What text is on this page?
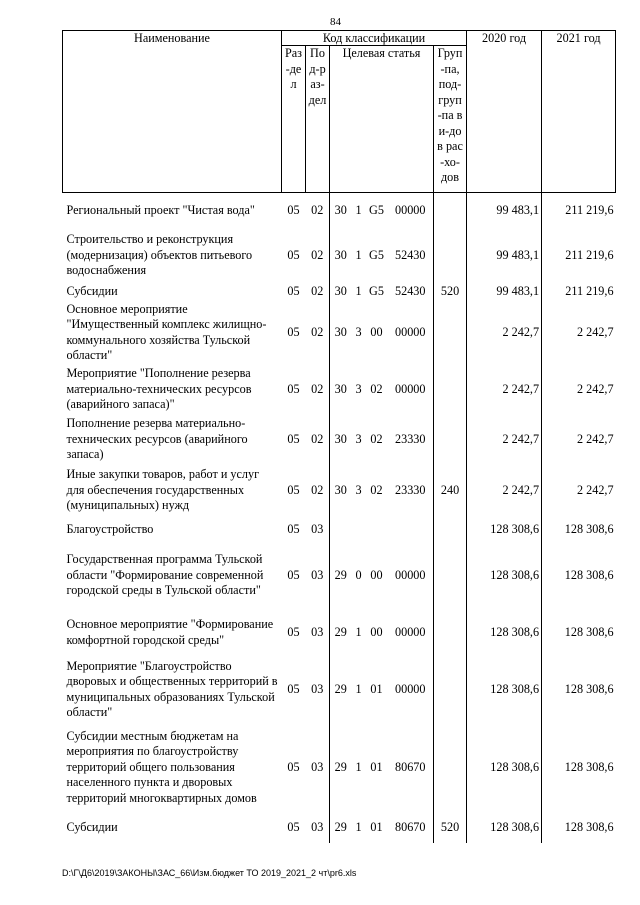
84
Наименование	Код классификации							2020 год	2021 год

	Раз-дел	Под-раз-дел	Целевая статья				Груп-па, под-груп-па ви-дов рас-хо-дов		

Региональный проект "Чистая вода"	05	02	30	1	G5	00000		99 483,1	211 219,6
Строительство и реконструкция (модернизация) объектов питьевого водоснабжения	05	02	30	1	G5	52430		99 483,1	211 219,6
Субсидии	05	02	30	1	G5	52430	520	99 483,1	211 219,6
Основное мероприятие "Имущественный комплекс жилищно-коммунального хозяйства Тульской области"	05	02	30	3	00	00000		2 242,7	2 242,7
Мероприятие "Пополнение резерва материально-технических ресурсов (аварийного запаса)"	05	02	30	3	02	00000		2 242,7	2 242,7
Пополнение резерва материально-технических ресурсов (аварийного запаса)	05	02	30	3	02	23330		2 242,7	2 242,7
Иные закупки товаров, работ и услуг для обеспечения государственных (муниципальных) нужд	05	02	30	3	02	23330	240	2 242,7	2 242,7
Благоустройство	05	03						128 308,6	128 308,6
Государственная программа Тульской области "Формирование современной городской среды в Тульской области"	05	03	29	0	00	00000		128 308,6	128 308,6
Основное мероприятие "Формирование комфортной городской среды"	05	03	29	1	00	00000		128 308,6	128 308,6
Мероприятие "Благоустройство дворовых и общественных территорий в муниципальных образованиях Тульской области"	05	03	29	1	01	00000		128 308,6	128 308,6
Субсидии местным бюджетам на мероприятия по благоустройству территорий общего пользования населенного пункта и дворовых территорий многоквартирных домов	05	03	29	1	01	80670		128 308,6	128 308,6
Субсидии	05	03	29	1	01	80670	520	128 308,6	128 308,6
D:\Г\Д6\2019\ЗАКОНЫ\ЗАС_66\Изм.бюджет ТО 2019_2021_2 чт\pr6.xls
